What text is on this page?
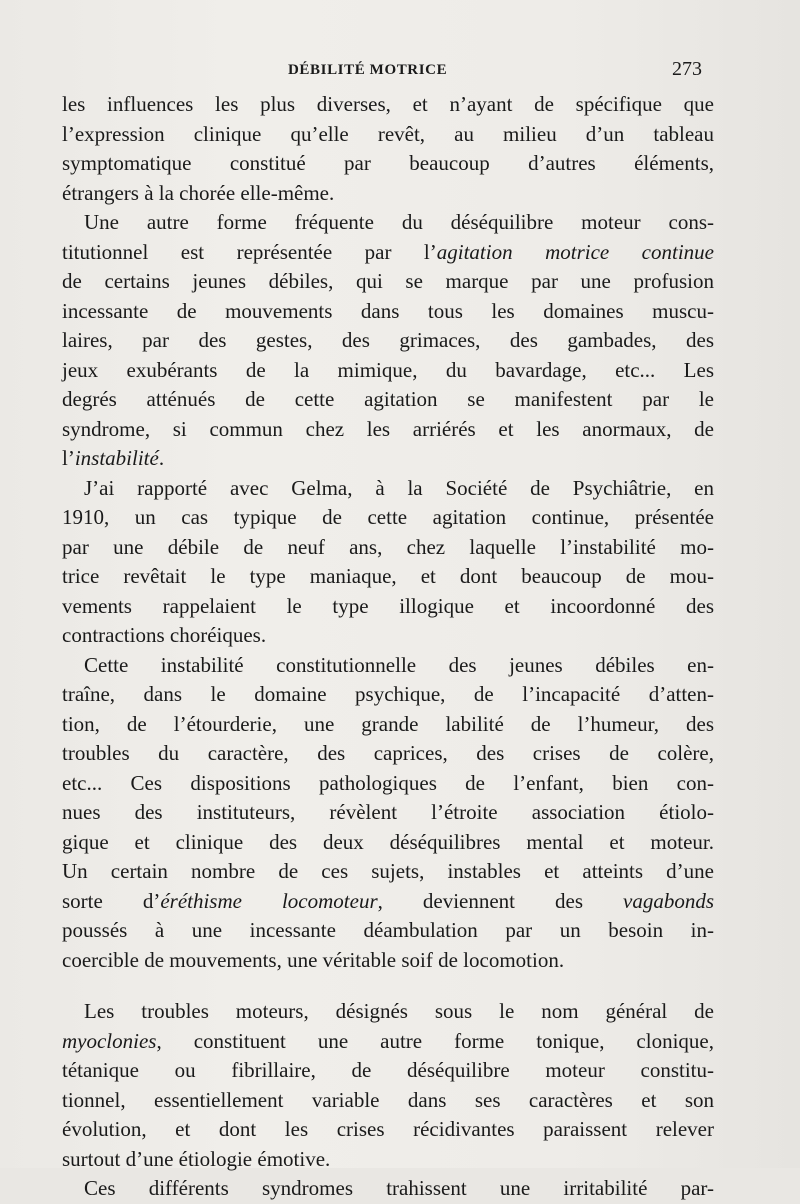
DÉBILITÉ MOTRICE	273
les influences les plus diverses, et n’ayant de spécifique que
l’expression clinique qu’elle revêt, au milieu d’un tableau
symptomatique constitué par beaucoup d’autres éléments,
étrangers à la chorée elle-même.
Une autre forme fréquente du déséquilibre moteur cons-
titutionnel est représentée par l’agitation motrice continue
de certains jeunes débiles, qui se marque par une profusion
incessante de mouvements dans tous les domaines muscu-
laires, par des gestes, des grimaces, des gambades, des
jeux exubérants de la mimique, du bavardage, etc... Les
degrés atténués de cette agitation se manifestent par le
syndrome, si commun chez les arriérés et les anormaux, de
l’instabilité.
J’ai rapporté avec Gelma, à la Société de Psychiâtrie, en
1910, un cas typique de cette agitation continue, présentée
par une débile de neuf ans, chez laquelle l’instabilité mo-
trice revêtait le type maniaque, et dont beaucoup de mou-
vements rappelaient le type illogique et incoordonné des
contractions choréiques.
Cette instabilité constitutionnelle des jeunes débiles en-
traîne, dans le domaine psychique, de l’incapacité d’atten-
tion, de l’étourderie, une grande labilité de l’humeur, des
troubles du caractère, des caprices, des crises de colère,
etc... Ces dispositions pathologiques de l’enfant, bien con-
nues des instituteurs, révèlent l’étroite association étiolo-
gique et clinique des deux déséquilibres mental et moteur.
Un certain nombre de ces sujets, instables et atteints d’une
sorte d’éréthisme locomoteur, deviennent des vagabonds
poussés à une incessante déambulation par un besoin in-
coercible de mouvements, une véritable soif de locomotion.
Les troubles moteurs, désignés sous le nom général de
myoclonies, constituent une autre forme tonique, clonique,
tétanique ou fibrillaire, de déséquilibre moteur constitu-
tionnel, essentiellement variable dans ses caractères et son
évolution, et dont les crises récidivantes paraissent relever
surtout d’une étiologie émotive.
Ces différents syndromes trahissent une irritabilité par-
